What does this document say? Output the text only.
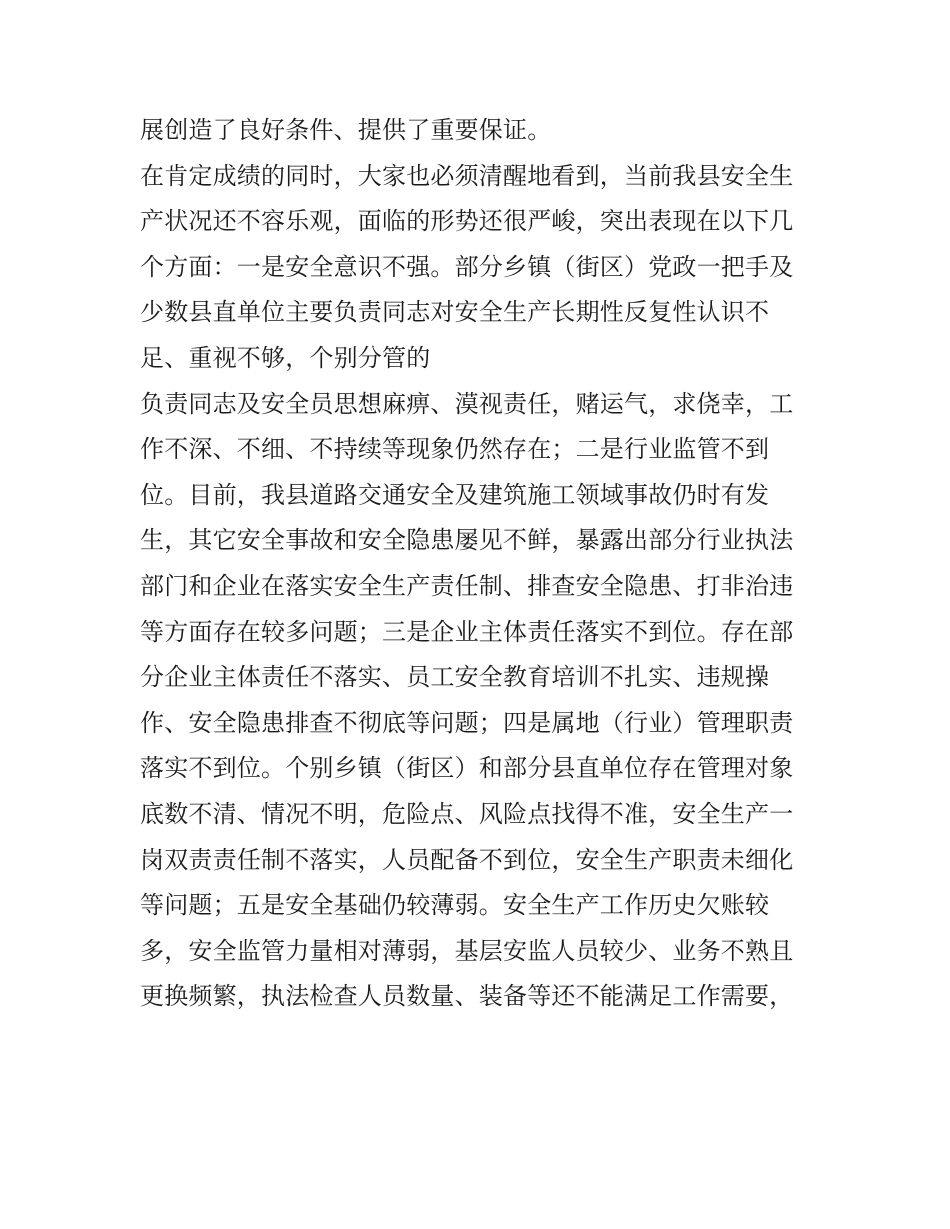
展创造了良好条件、提供了重要保证。
在肯定成绩的同时，大家也必须清醒地看到，当前我县安全生
产状况还不容乐观，面临的形势还很严峻，突出表现在以下几
个方面：一是安全意识不强。部分乡镇（街区）党政一把手及
少数县直单位主要负责同志对安全生产长期性反复性认识不
足、重视不够，个别分管的
负责同志及安全员思想麻痹、漠视责任，赌运气，求侥幸，工
作不深、不细、不持续等现象仍然存在；二是行业监管不到
位。目前，我县道路交通安全及建筑施工领域事故仍时有发
生，其它安全事故和安全隐患屡见不鲜，暴露出部分行业执法
部门和企业在落实安全生产责任制、排查安全隐患、打非治违
等方面存在较多问题；三是企业主体责任落实不到位。存在部
分企业主体责任不落实、员工安全教育培训不扎实、违规操
作、安全隐患排查不彻底等问题；四是属地（行业）管理职责
落实不到位。个别乡镇（街区）和部分县直单位存在管理对象
底数不清、情况不明，危险点、风险点找得不准，安全生产一
岗双责责任制不落实，人员配备不到位，安全生产职责未细化
等问题；五是安全基础仍较薄弱。安全生产工作历史欠账较
多，安全监管力量相对薄弱，基层安监人员较少、业务不熟且
更换频繁，执法检查人员数量、装备等还不能满足工作需要，
